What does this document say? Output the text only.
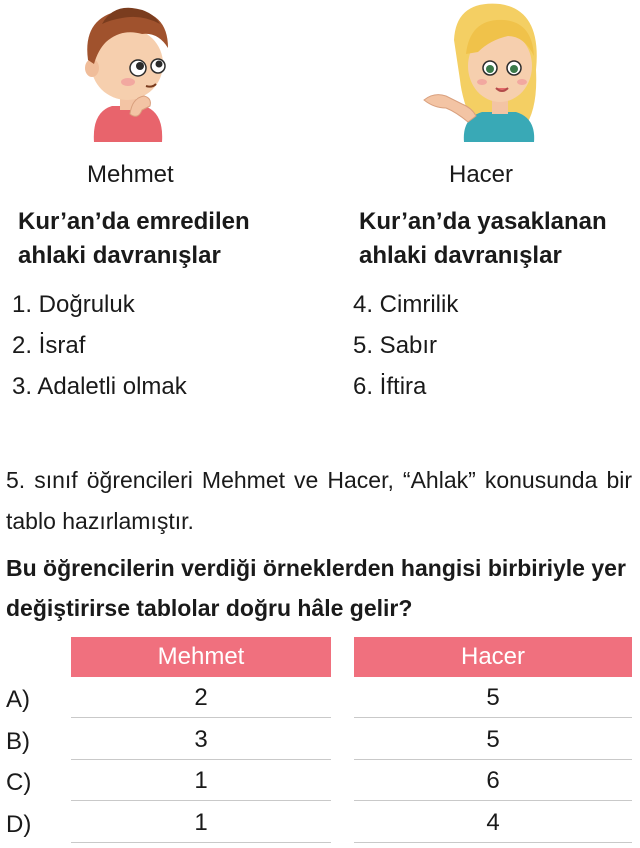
Mehmet	Hacer
Kur’an’da emredilen
ahlaki davranışlar
Kur’an’da yasaklanan
ahlaki davranışlar
1. Doğruluk
2. İsraf
3. Adaletli olmak
4. Cimrilik
5. Sabır
6. İftira
5. sınıf öğrencileri Mehmet ve Hacer, “Ahlak” konusunda bir tablo hazırlamıştır.
Bu öğrencilerin verdiği örneklerden hangisi birbiriyle yer değiştirirse tablolar doğru hâle gelir?
Mehmet	Hacer
A)	2	5
B)	3	5
C)	1	6
D)	1	4
